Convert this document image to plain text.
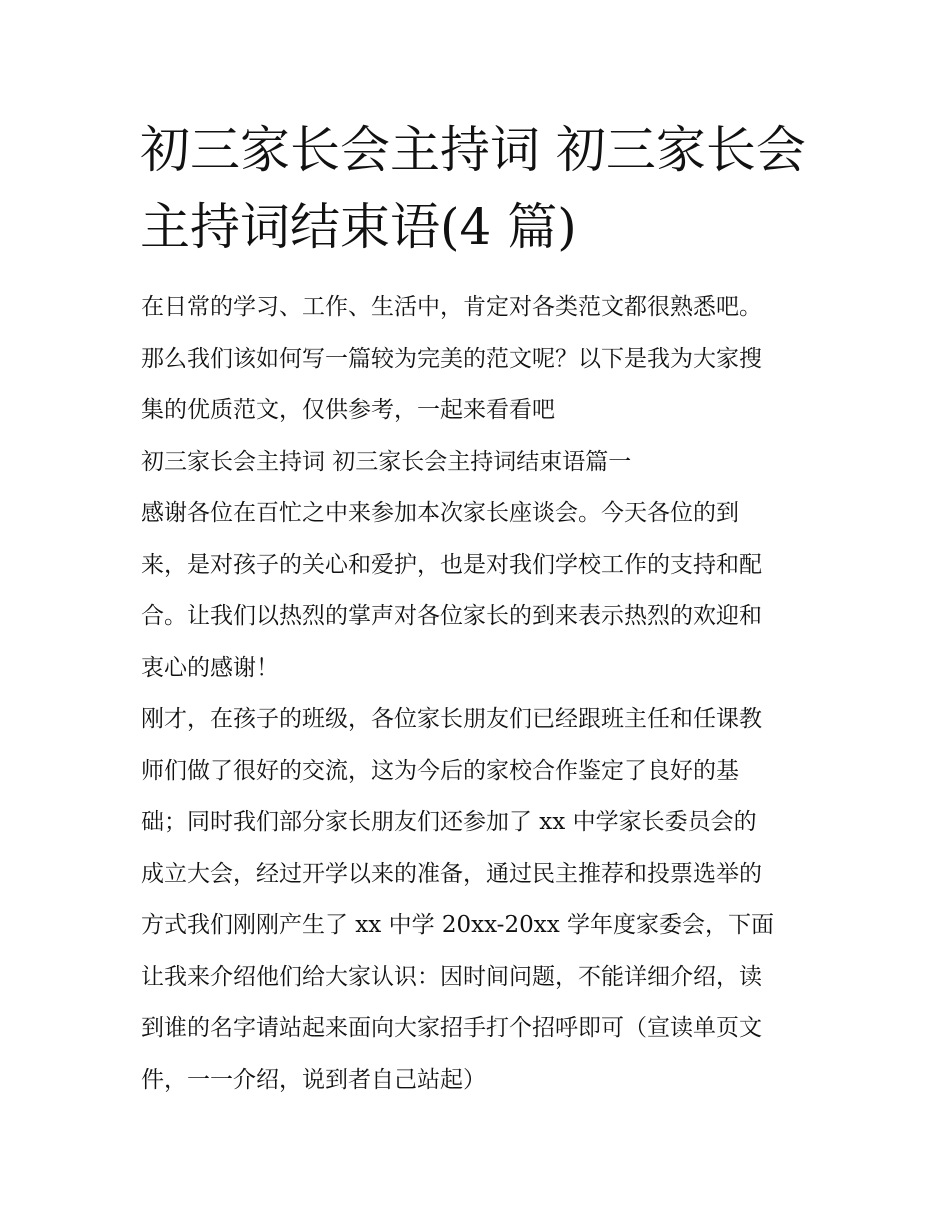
初三家长会主持词 初三家长会
主持词结束语(4 篇)
在日常的学习、工作、生活中，肯定对各类范文都很熟悉吧。
那么我们该如何写一篇较为完美的范文呢？以下是我为大家搜
集的优质范文，仅供参考，一起来看看吧
初三家长会主持词 初三家长会主持词结束语篇一
感谢各位在百忙之中来参加本次家长座谈会。今天各位的到
来，是对孩子的关心和爱护，也是对我们学校工作的支持和配
合。让我们以热烈的掌声对各位家长的到来表示热烈的欢迎和
衷心的感谢！
刚才，在孩子的班级，各位家长朋友们已经跟班主任和任课教
师们做了很好的交流，这为今后的家校合作鉴定了良好的基
础；同时我们部分家长朋友们还参加了 xx 中学家长委员会的
成立大会，经过开学以来的准备，通过民主推荐和投票选举的
方式我们刚刚产生了 xx 中学 20xx-20xx 学年度家委会，下面
让我来介绍他们给大家认识：因时间问题，不能详细介绍，读
到谁的名字请站起来面向大家招手打个招呼即可（宣读单页文
件，一一介绍，说到者自己站起）
